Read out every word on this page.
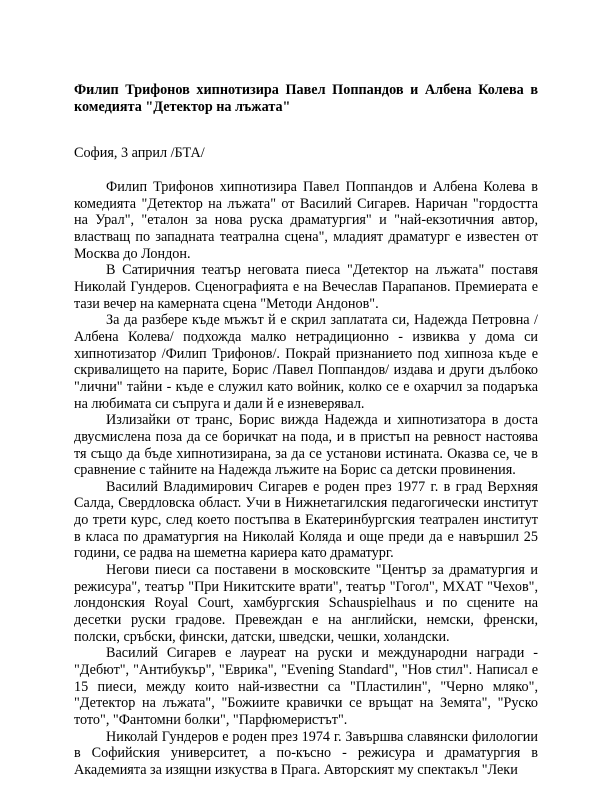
Филип Трифонов хипнотизира Павел Поппандов и Албена Колева в комедията "Детектор на лъжата"

София, 3 април /БТА/

Филип Трифонов хипнотизира Павел Поппандов и Албена Колева в комедията "Детектор на лъжата" от Василий Сигарев. Наричан "гордостта на Урал", "еталон за нова руска драматургия" и "най-екзотичния автор, властващ по западната театрална сцена", младият драматург е известен от Москва до Лондон.

В Сатиричния театър неговата пиеса "Детектор на лъжата" поставя Николай Гундеров. Сценографията е на Вечеслав Парапанов. Премиерата е тази вечер на камерната сцена "Методи Андонов".

За да разбере къде мъжът й е скрил заплатата си, Надежда Петровна /Албена Колева/ подхожда малко нетрадиционно - извиква у дома си хипнотизатор /Филип Трифонов/. Покрай признанието под хипноза къде е скривалището на парите, Борис /Павел Поппандов/ издава и други дълбоко "лични" тайни - къде е служил като войник, колко се е охарчил за подаръка на любимата си съпруга и дали й е изневерявал.

Излизайки от транс, Борис вижда Надежда и хипнотизатора в доста двусмислена поза да се боричкат на пода, и в пристъп на ревност настоява тя също да бъде хипнотизирана, за да се установи истината. Оказва се, че в сравнение с тайните на Надежда лъжите на Борис са детски провинения.

Василий Владимирович Сигарев е роден през 1977 г. в град Верхняя Салда, Свердловска област. Учи в Нижнетагилския педагогически институт до трети курс, след което постъпва в Екатеринбургския театрален институт в класа по драматургия на Николай Коляда и още преди да е навършил 25 години, се радва на шеметна кариера като драматург.

Негови пиеси са поставени в московските "Център за драматургия и режисура", театър "При Никитските врати", театър "Гогол", МХАТ "Чехов", лондонския Royal Court, хамбургския Schauspielhaus и по сцените на десетки руски градове. Превеждан е на английски, немски, френски, полски, сръбски, фински, датски, шведски, чешки, холандски.

Василий Сигарев е лауреат на руски и международни награди - "Дебют", "Антибукър", "Еврика", "Evening Standard", "Нов стил". Написал е 15 пиеси, между които най-известни са "Пластилин", "Черно мляко", "Детектор на лъжата", "Божиите кравички се връщат на Земята", "Руско тото", "Фантомни болки", "Парфюмеристът".

Николай Гундеров е роден през 1974 г. Завършва славянски филологии в Софийския университет, а по-късно - режисура и драматургия в Академията за изящни изкуства в Прага. Авторският му спектакъл "Леки
